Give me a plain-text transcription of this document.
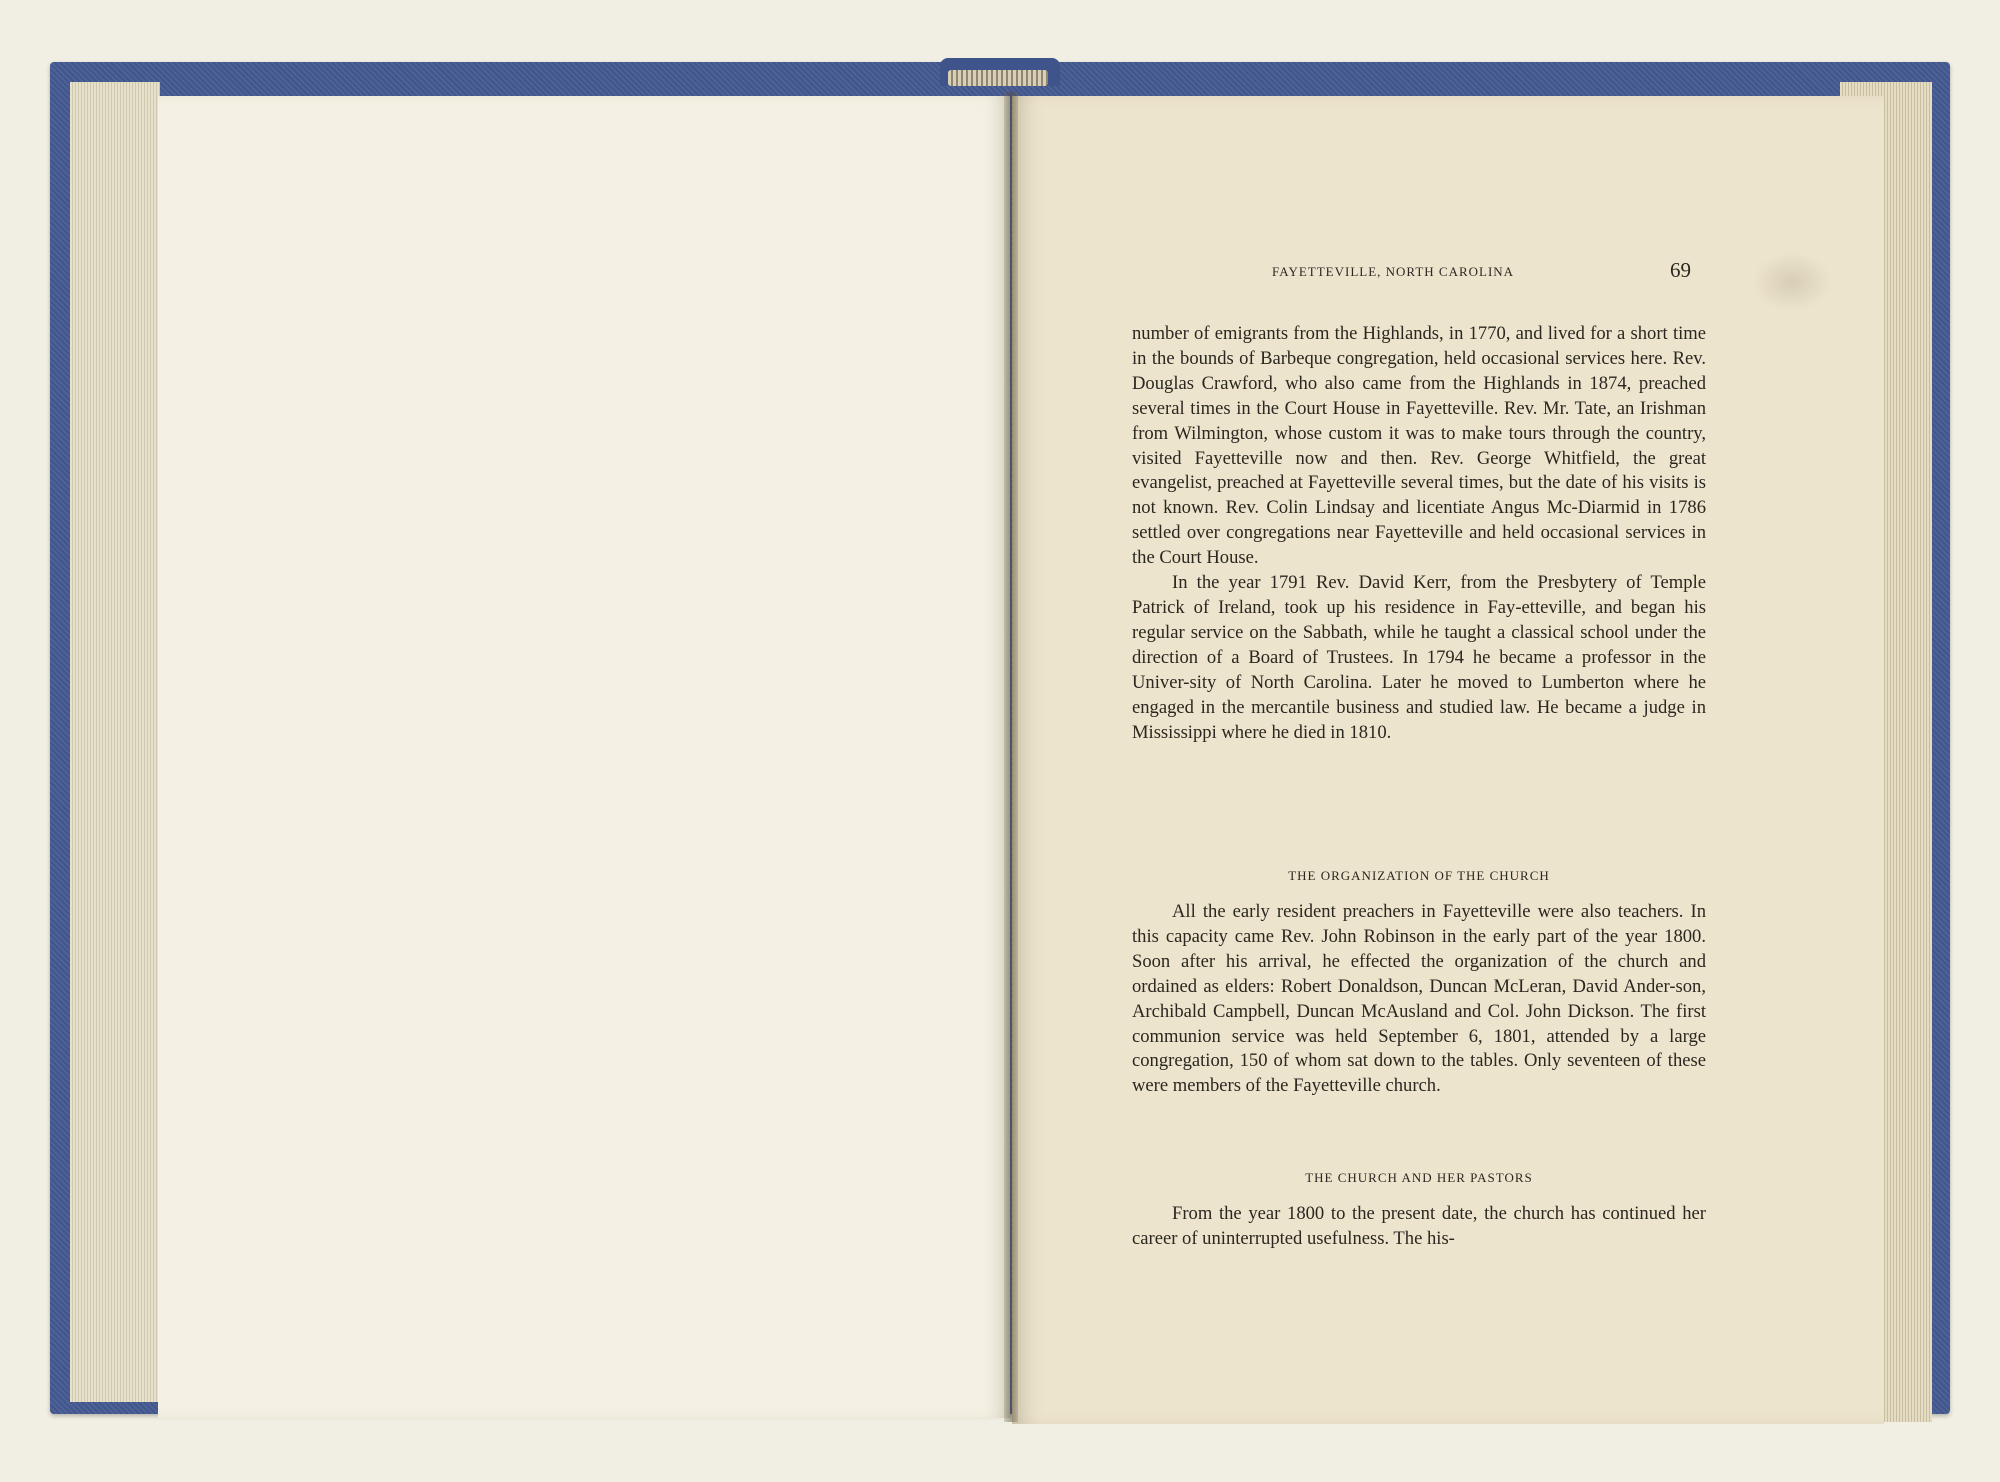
FAYETTEVILLE, NORTH CAROLINA	69

number of emigrants from the Highlands, in 1770, and lived for a short time in the bounds of Barbeque congregation, held occasional services here. Rev. Douglas Crawford, who also came from the Highlands in 1874, preached several times in the Court House in Fayetteville. Rev. Mr. Tate, an Irishman from Wilmington, whose custom it was to make tours through the country, visited Fayetteville now and then. Rev. George Whitfield, the great evangelist, preached at Fayetteville several times, but the date of his visits is not known. Rev. Colin Lindsay and licentiate Angus Mc-Diarmid in 1786 settled over congregations near Fayetteville and held occasional services in the Court House.

In the year 1791 Rev. David Kerr, from the Presbytery of Temple Patrick of Ireland, took up his residence in Fay-etteville, and began his regular service on the Sabbath, while he taught a classical school under the direction of a Board of Trustees. In 1794 he became a professor in the Univer-sity of North Carolina. Later he moved to Lumberton where he engaged in the mercantile business and studied law. He became a judge in Mississippi where he died in 1810.

THE ORGANIZATION OF THE CHURCH

All the early resident preachers in Fayetteville were also teachers. In this capacity came Rev. John Robinson in the early part of the year 1800. Soon after his arrival, he effected the organization of the church and ordained as elders: Robert Donaldson, Duncan McLeran, David Ander-son, Archibald Campbell, Duncan McAusland and Col. John Dickson. The first communion service was held September 6, 1801, attended by a large congregation, 150 of whom sat down to the tables. Only seventeen of these were members of the Fayetteville church.

THE CHURCH AND HER PASTORS

From the year 1800 to the present date, the church has continued her career of uninterrupted usefulness. The his-
